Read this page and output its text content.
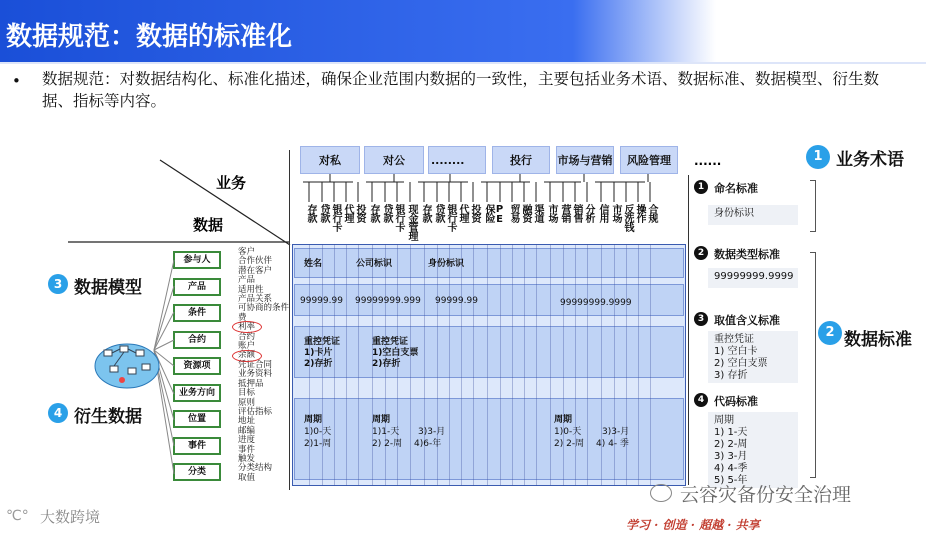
数据规范：数据的标准化
• 数据规范：对数据结构化、标准化描述，确保企业范围内数据的一致性，主要包括业务术语、数据标准、数据模型、衍生数据、指标等内容。
业务
数据
对私	对公	........	投行	市场与营销	风险管理	......
存款 贷款 银行卡 代理 投资 存款 贷款 银行卡 现金管理 存款 贷款 银行卡 代理 投资 保险 PE 贸易 融资 渠道 市场 营销 销售 分析 信用 市场 反洗钱 操作 合规
姓名	公司标识	身份标识
99999.99 99999999.999 99999.99	99999999.9999
重控凭证
1)卡片
2)存折
重控凭证
1)空白支票
2)存折
周期
1)0-天
2)1-周
周期
1)1-天 3)3-月
2) 2-周 4)6-年
周期
1)0-天 3)3-月
2) 2-周 4) 4- 季
参与人
产品
条件
合约
资源项
业务方向
位置
事件
分类
客户
合作伙伴
潜在客户
产品
适用性
产品关系
可协商的条件
费
利率
合约
账户
余额
凭证合同
业务资料
抵押品
目标
原则
评估指标
地址
邮编
进度
事件
触发
分类结构
取值
3 数据模型
4 衍生数据
1 业务术语
2 数据标准
1 命名标准
身份标识
2 数据类型标准
99999999.9999
3 取值含义标准
重控凭证
1) 空白卡
2) 空白支票
3) 存折
4 代码标准
周期
1) 1-天
2) 2-周
3) 3-月
4) 4-季
5) 5-年
℃° 大数跨境
云容灾备份安全治理
学习 · 创造 · 超越 · 共享
